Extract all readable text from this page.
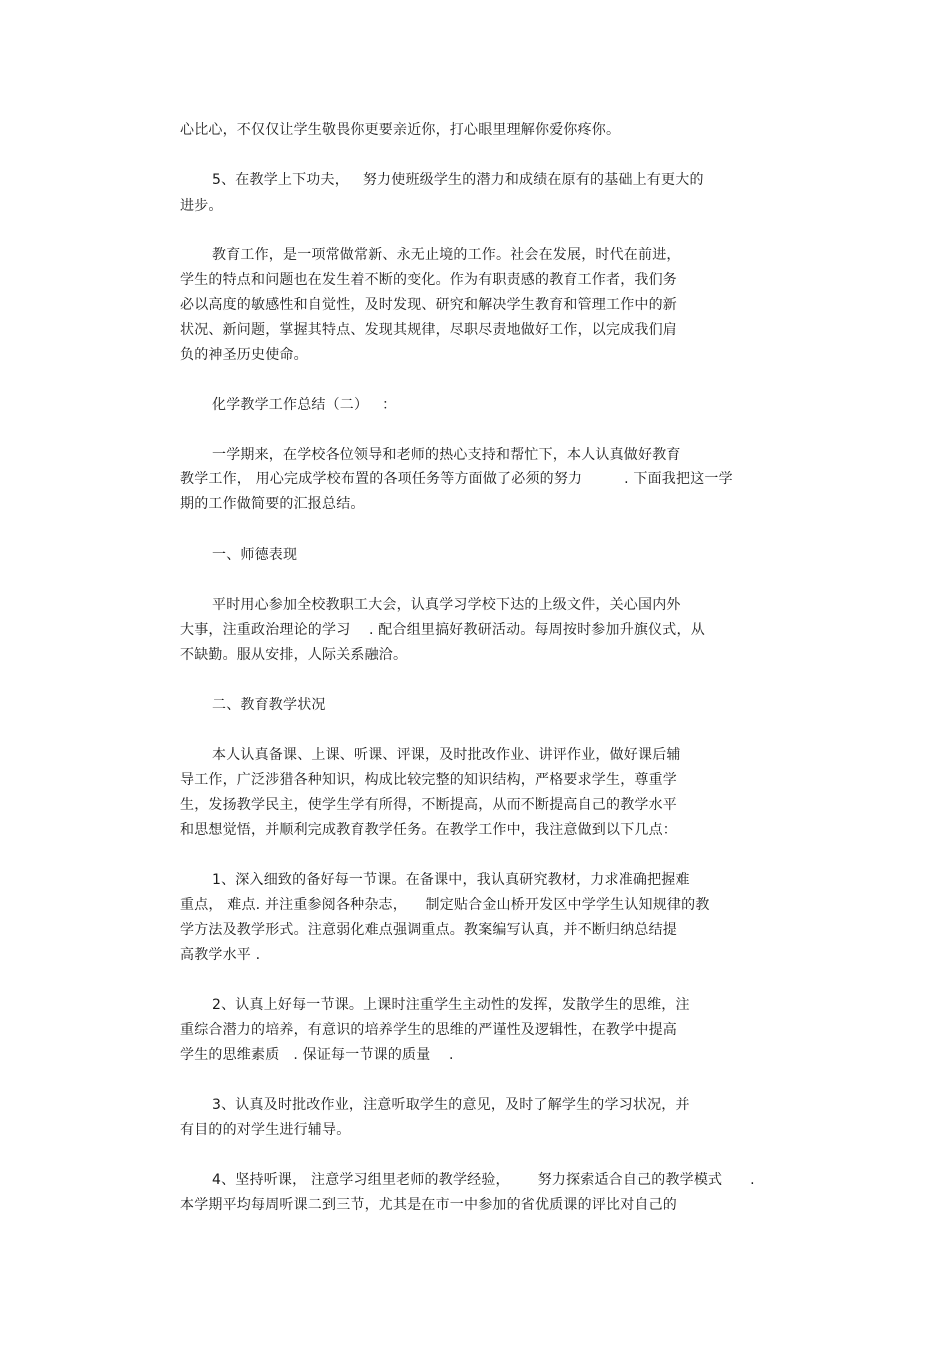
心比心，不仅仅让学生敬畏你更要亲近你，打心眼里理解你爱你疼你。
5、在教学上下功夫，   努力使班级学生的潜力和成绩在原有的基础上有更大的
进步。
教育工作，是一项常做常新、永无止境的工作。社会在发展，时代在前进，
学生的特点和问题也在发生着不断的变化。作为有职责感的教育工作者，我们务
必以高度的敏感性和自觉性，及时发现、研究和解决学生教育和管理工作中的新
状况、新问题，掌握其特点、发现其规律，尽职尽责地做好工作，以完成我们肩
负的神圣历史使命。
化学教学工作总结（二）   ：
一学期来，在学校各位领导和老师的热心支持和帮忙下，本人认真做好教育
教学工作， 用心完成学校布置的各项任务等方面做了必须的努力         . 下面我把这一学
期的工作做简要的汇报总结。
一、师德表现
平时用心参加全校教职工大会，认真学习学校下达的上级文件，关心国内外
大事，注重政治理论的学习    . 配合组里搞好教研活动。每周按时参加升旗仪式，从
不缺勤。服从安排，人际关系融洽。
二、教育教学状况
本人认真备课、上课、听课、评课，及时批改作业、讲评作业，做好课后辅
导工作，广泛涉猎各种知识，构成比较完整的知识结构，严格要求学生，尊重学
生，发扬教学民主，使学生学有所得，不断提高，从而不断提高自己的教学水平
和思想觉悟，并顺利完成教育教学任务。在教学工作中，我注意做到以下几点：
1、深入细致的备好每一节课。在备课中，我认真研究教材，力求准确把握难
重点， 难点. 并注重参阅各种杂志，    制定贴合金山桥开发区中学学生认知规律的教
学方法及教学形式。注意弱化难点强调重点。教案编写认真，并不断归纳总结提
高教学水平 .
2、认真上好每一节课。上课时注重学生主动性的发挥，发散学生的思维，注
重综合潜力的培养，有意识的培养学生的思维的严谨性及逻辑性，在教学中提高
学生的思维素质   . 保证每一节课的质量    .
3、认真及时批改作业，注意听取学生的意见，及时了解学生的学习状况，并
有目的的对学生进行辅导。
4、坚持听课， 注意学习组里老师的教学经验，      努力探索适合自己的教学模式      .
本学期平均每周听课二到三节，尤其是在市一中参加的省优质课的评比对自己的
